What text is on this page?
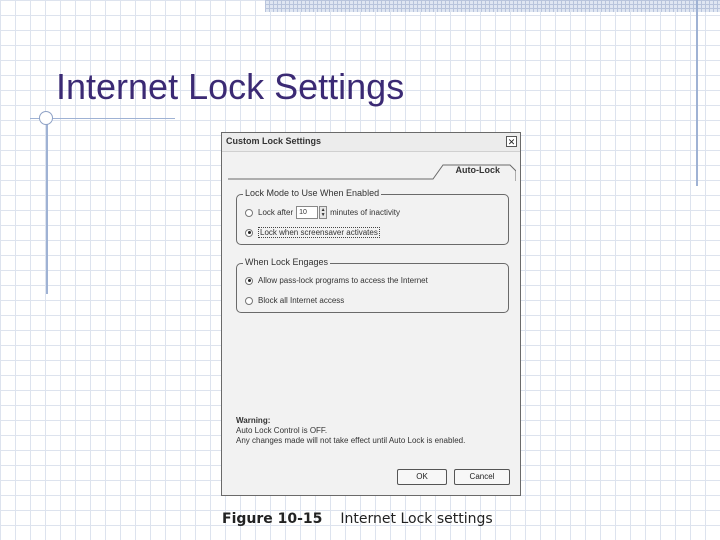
Internet Lock Settings
Custom Lock Settings	✕
Auto-Lock
Lock Mode to Use When Enabled
Lock after 10	▲
▼ minutes of inactivity
Lock when screensaver activates
When Lock Engages
Allow pass-lock programs to access the Internet
Block all Internet access
Warning:
Auto Lock Control is OFF.
Any changes made will not take effect until Auto Lock is enabled.
OK	Cancel
Figure 10-15 Internet Lock settings
